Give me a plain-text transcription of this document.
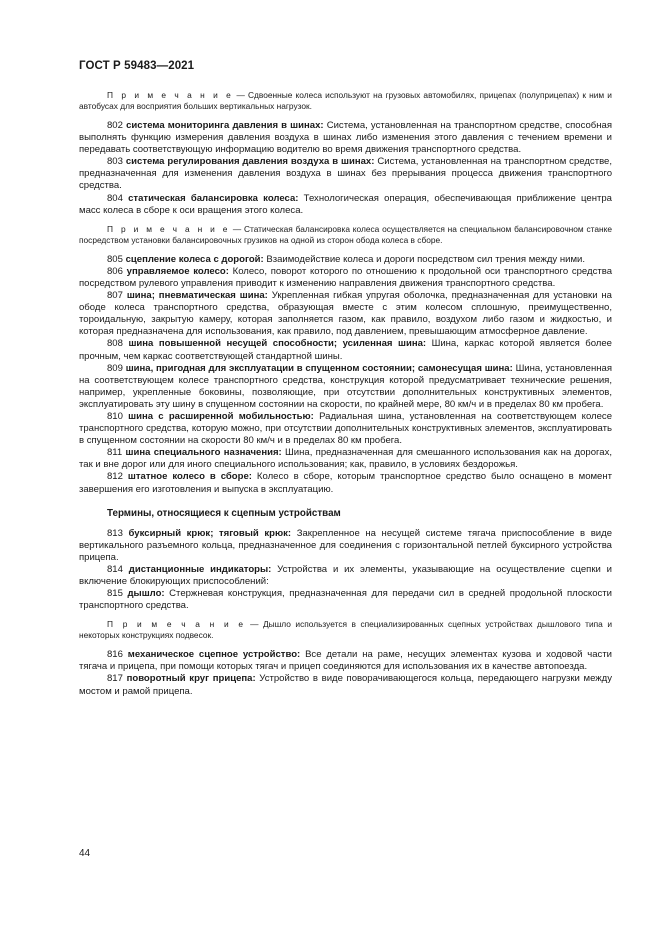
ГОСТ Р 59483—2021

П р и м е ч а н и е — Сдвоенные колеса используют на грузовых автомобилях, прицепах (полуприцепах) к ним и автобусах для восприятия больших вертикальных нагрузок.

802 система мониторинга давления в шинах: Система, установленная на транспортном средстве, способная выполнять функцию измерения давления воздуха в шинах либо изменения этого давления с течением времени и передавать соответствующую информацию водителю во время движения транспортного средства.

803 система регулирования давления воздуха в шинах: Система, установленная на транспортном средстве, предназначенная для изменения давления воздуха в шинах без прерывания процесса движения транспортного средства.

804 статическая балансировка колеса: Технологическая операция, обеспечивающая приближение центра масс колеса в сборе к оси вращения этого колеса.

П р и м е ч а н и е — Статическая балансировка колеса осуществляется на специальном балансировочном станке посредством установки балансировочных грузиков на одной из сторон обода колеса в сборе.

805 сцепление колеса с дорогой: Взаимодействие колеса и дороги посредством сил трения между ними.

806 управляемое колесо: Колесо, поворот которого по отношению к продольной оси транспортного средства посредством рулевого управления приводит к изменению направления движения транспортного средства.

807 шина; пневматическая шина: Укрепленная гибкая упругая оболочка, предназначенная для установки на ободе колеса транспортного средства, образующая вместе с этим колесом сплошную, преимущественно, тороидальную, закрытую камеру, которая заполняется газом, как правило, воздухом либо газом и жидкостью, и которая предназначена для использования, как правило, под давлением, превышающим атмосферное давление.

808 шина повышенной несущей способности; усиленная шина: Шина, каркас которой является более прочным, чем каркас соответствующей стандартной шины.

809 шина, пригодная для эксплуатации в спущенном состоянии; самонесущая шина: Шина, установленная на соответствующем колесе транспортного средства, конструкция которой предусматривает технические решения, например, укрепленные боковины, позволяющие, при отсутствии дополнительных конструктивных элементов, эксплуатировать эту шину в спущенном состоянии на скорости, по крайней мере, 80 км/ч и в пределах 80 км пробега.

810 шина с расширенной мобильностью: Радиальная шина, установленная на соответствующем колесе транспортного средства, которую можно, при отсутствии дополнительных конструктивных элементов, эксплуатировать в спущенном состоянии на скорости 80 км/ч и в пределах 80 км пробега.

811 шина специального назначения: Шина, предназначенная для смешанного использования как на дорогах, так и вне дорог или для иного специального использования; как, правило, в условиях бездорожья.

812 штатное колесо в сборе: Колесо в сборе, которым транспортное средство было оснащено в момент завершения его изготовления и выпуска в эксплуатацию.

Термины, относящиеся к сцепным устройствам

813 буксирный крюк; тяговый крюк: Закрепленное на несущей системе тягача приспособление в виде вертикального разъемного кольца, предназначенное для соединения с горизонтальной петлей буксирного устройства прицепа.

814 дистанционные индикаторы: Устройства и их элементы, указывающие на осуществление сцепки и включение блокирующих приспособлений:

815 дышло: Стержневая конструкция, предназначенная для передачи сил в средней продольной плоскости транспортного средства.

П р и м е ч а н и е — Дышло используется в специализированных сцепных устройствах дышлового типа и некоторых конструкциях подвесок.

816 механическое сцепное устройство: Все детали на раме, несущих элементах кузова и ходовой части тягача и прицепа, при помощи которых тягач и прицеп соединяются для использования их в качестве автопоезда.

817 поворотный круг прицепа: Устройство в виде поворачивающегося кольца, передающего нагрузки между мостом и рамой прицепа.

44
